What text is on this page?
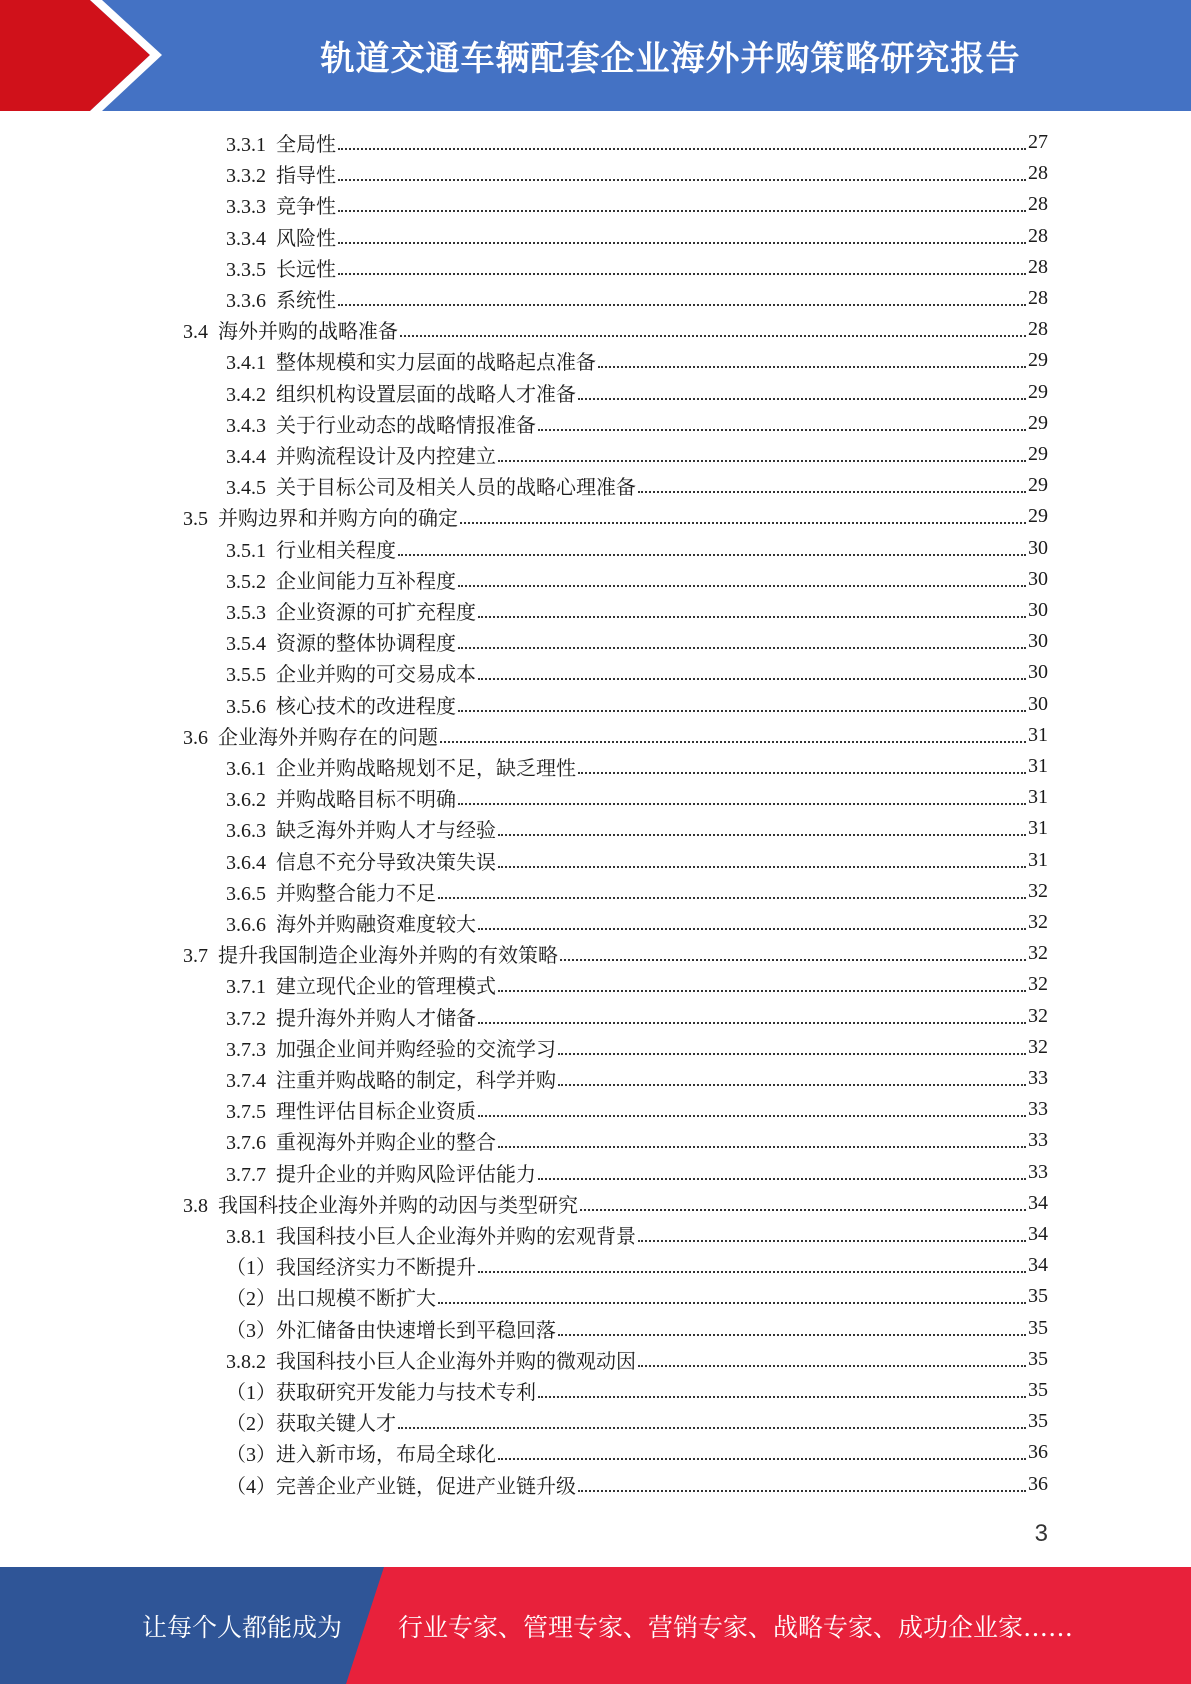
轨道交通车辆配套企业海外并购策略研究报告
3.3.1 全局性	27
3.3.2 指导性	28
3.3.3 竞争性	28
3.3.4 风险性	28
3.3.5 长远性	28
3.3.6 系统性	28
3.4 海外并购的战略准备	28
3.4.1 整体规模和实力层面的战略起点准备	29
3.4.2 组织机构设置层面的战略人才准备	29
3.4.3 关于行业动态的战略情报准备	29
3.4.4 并购流程设计及内控建立	29
3.4.5 关于目标公司及相关人员的战略心理准备	29
3.5 并购边界和并购方向的确定	29
3.5.1 行业相关程度	30
3.5.2 企业间能力互补程度	30
3.5.3 企业资源的可扩充程度	30
3.5.4 资源的整体协调程度	30
3.5.5 企业并购的可交易成本	30
3.5.6 核心技术的改进程度	30
3.6 企业海外并购存在的问题	31
3.6.1 企业并购战略规划不足，缺乏理性	31
3.6.2 并购战略目标不明确	31
3.6.3 缺乏海外并购人才与经验	31
3.6.4 信息不充分导致决策失误	31
3.6.5 并购整合能力不足	32
3.6.6 海外并购融资难度较大	32
3.7 提升我国制造企业海外并购的有效策略	32
3.7.1 建立现代企业的管理模式	32
3.7.2 提升海外并购人才储备	32
3.7.3 加强企业间并购经验的交流学习	32
3.7.4 注重并购战略的制定，科学并购	33
3.7.5 理性评估目标企业资质	33
3.7.6 重视海外并购企业的整合	33
3.7.7 提升企业的并购风险评估能力	33
3.8 我国科技企业海外并购的动因与类型研究	34
3.8.1 我国科技小巨人企业海外并购的宏观背景	34
（1）我国经济实力不断提升	34
（2）出口规模不断扩大	35
（3）外汇储备由快速增长到平稳回落	35
3.8.2 我国科技小巨人企业海外并购的微观动因	35
（1）获取研究开发能力与技术专利	35
（2）获取关键人才	35
（3）进入新市场，布局全球化	36
（4）完善企业产业链，促进产业链升级	36
3
让每个人都能成为 行业专家、管理专家、营销专家、战略专家、成功企业家……
